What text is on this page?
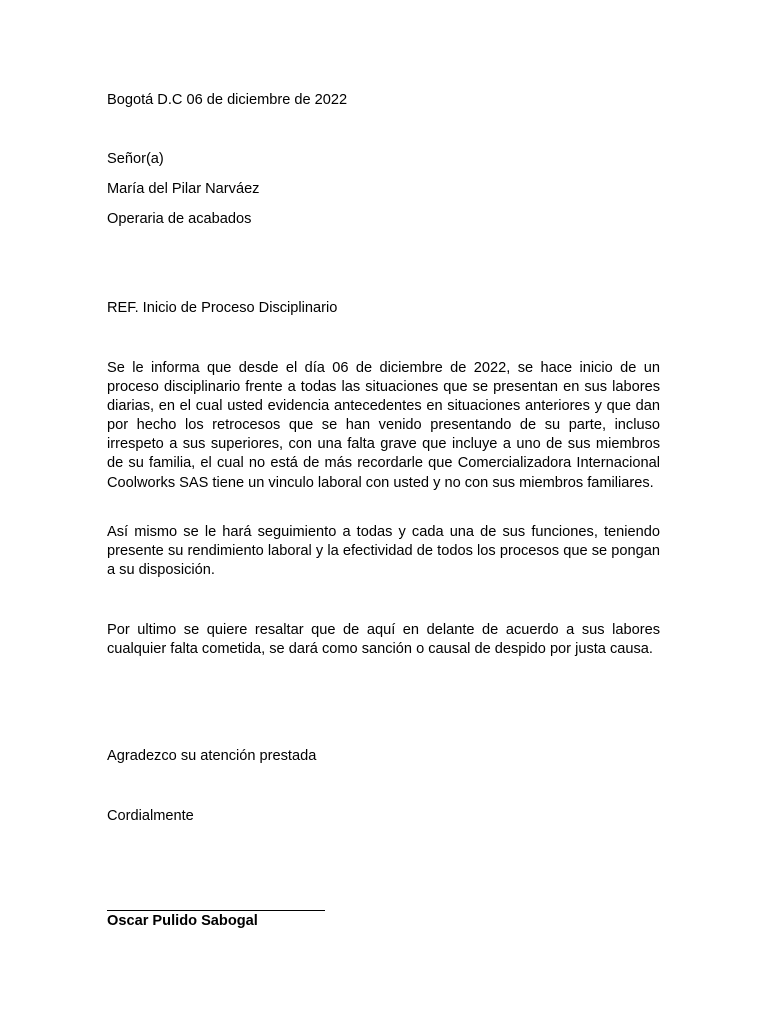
Bogotá D.C 06 de diciembre de 2022
Señor(a)
María del Pilar Narváez
Operaria de acabados
REF. Inicio de Proceso Disciplinario

Se le informa que desde el día 06 de diciembre de 2022, se hace inicio de un proceso disciplinario frente a todas las situaciones que se presentan en sus labores diarias, en el cual usted evidencia antecedentes en situaciones anteriores y que dan por hecho los retrocesos que se han venido presentando de su parte, incluso irrespeto a sus superiores, con una falta grave que incluye a uno de sus miembros de su familia, el cual no está de más recordarle que Comercializadora Internacional Coolworks SAS tiene un vinculo laboral con usted y no con sus miembros familiares.

Así mismo se le hará seguimiento a todas y cada una de sus funciones, teniendo presente su rendimiento laboral y la efectividad de todos los procesos que se pongan a su disposición.

Por ultimo se quiere resaltar que de aquí en delante de acuerdo a sus labores cualquier falta cometida, se dará como sanción o causal de despido por justa causa.

Agradezco su atención prestada
Cordialmente
Oscar Pulido Sabogal
